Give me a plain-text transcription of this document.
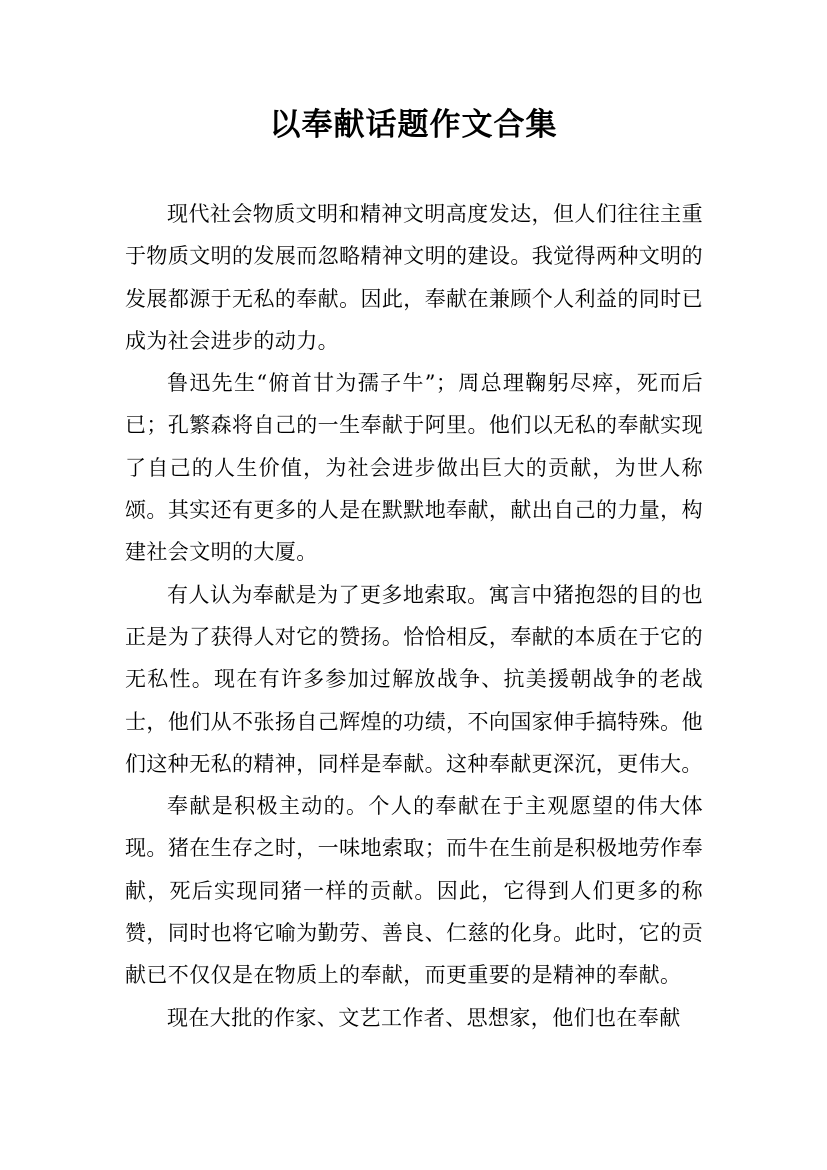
以奉献话题作文合集

现代社会物质文明和精神文明高度发达，但人们往往主重于物质文明的发展而忽略精神文明的建设。我觉得两种文明的发展都源于无私的奉献。因此，奉献在兼顾个人利益的同时已成为社会进步的动力。

鲁迅先生“俯首甘为孺子牛”；周总理鞠躬尽瘁，死而后已；孔繁森将自己的一生奉献于阿里。他们以无私的奉献实现了自己的人生价值，为社会进步做出巨大的贡献，为世人称颂。其实还有更多的人是在默默地奉献，献出自己的力量，构建社会文明的大厦。

有人认为奉献是为了更多地索取。寓言中猪抱怨的目的也正是为了获得人对它的赞扬。恰恰相反，奉献的本质在于它的无私性。现在有许多参加过解放战争、抗美援朝战争的老战士，他们从不张扬自己辉煌的功绩，不向国家伸手搞特殊。他们这种无私的精神，同样是奉献。这种奉献更深沉，更伟大。

奉献是积极主动的。个人的奉献在于主观愿望的伟大体现。猪在生存之时，一味地索取；而牛在生前是积极地劳作奉献，死后实现同猪一样的贡献。因此，它得到人们更多的称赞，同时也将它喻为勤劳、善良、仁慈的化身。此时，它的贡献已不仅仅是在物质上的奉献，而更重要的是精神的奉献。

现在大批的作家、文艺工作者、思想家，他们也在奉献
